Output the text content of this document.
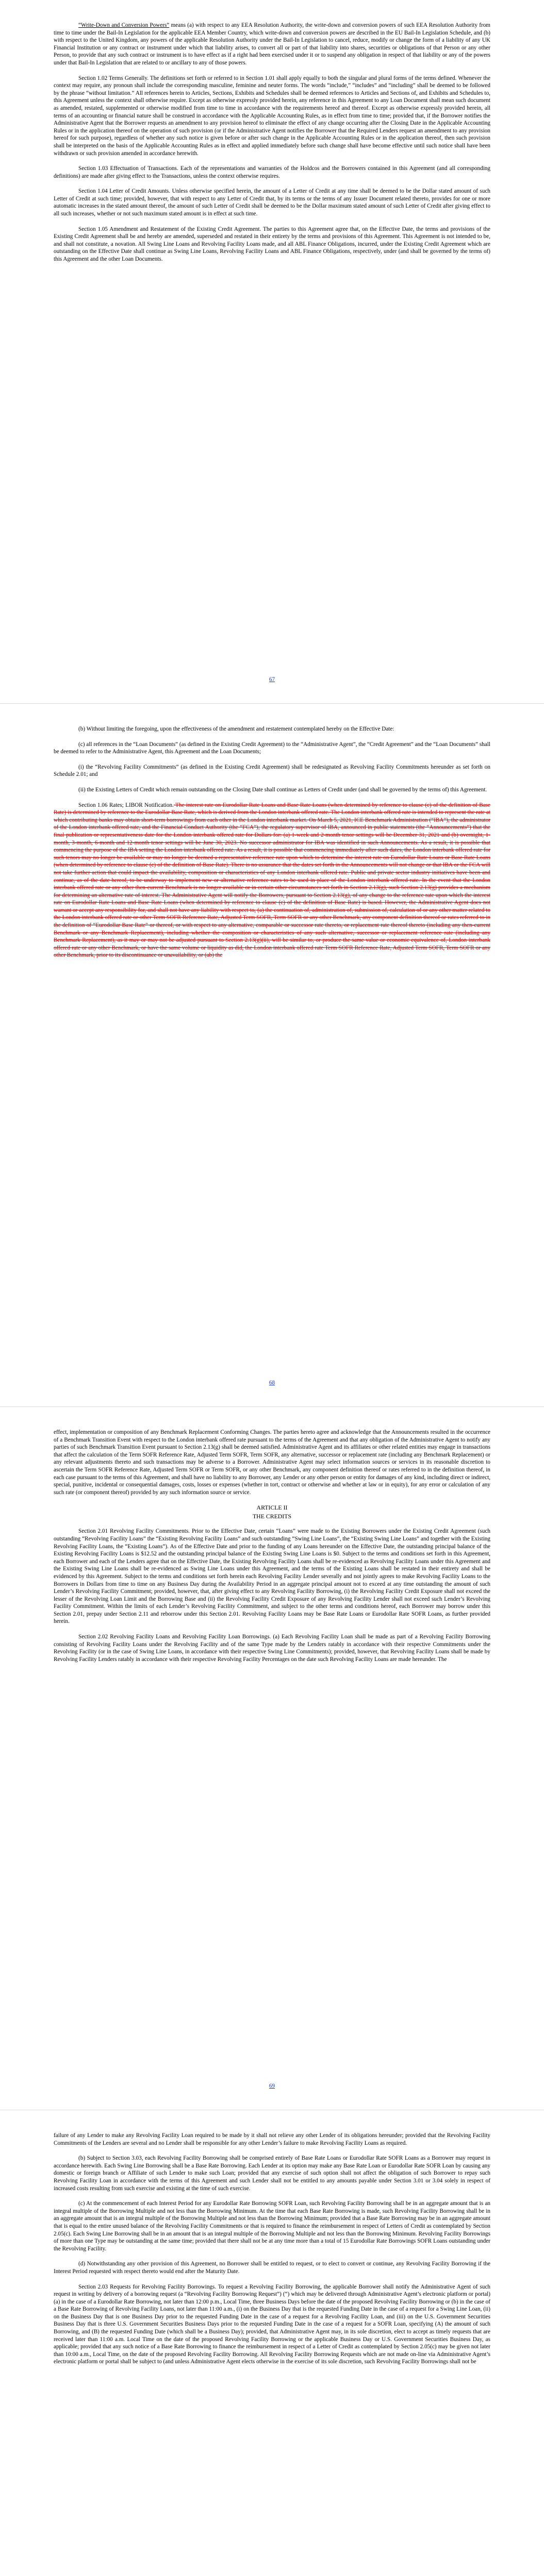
“Write-Down and Conversion Powers” means (a) with respect to any EEA Resolution Authority, the write-down and conversion powers of such EEA Resolution Authority from time to time under the Bail-In Legislation for the applicable EEA Member Country, which write-down and conversion powers are described in the EU Bail-In Legislation Schedule, and (b) with respect to the United Kingdom, any powers of the applicable Resolution Authority under the Bail-In Legislation to cancel, reduce, modify or change the form of a liability of any UK Financial Institution or any contract or instrument under which that liability arises, to convert all or part of that liability into shares, securities or obligations of that Person or any other Person, to provide that any such contract or instrument is to have effect as if a right had been exercised under it or to suspend any obligation in respect of that liability or any of the powers under that Bail-In Legislation that are related to or ancillary to any of those powers.

Section 1.02 Terms Generally. The definitions set forth or referred to in Section 1.01 shall apply equally to both the singular and plural forms of the terms defined. Whenever the context may require, any pronoun shall include the corresponding masculine, feminine and neuter forms. The words “include,” “includes” and “including” shall be deemed to be followed by the phrase “without limitation.” All references herein to Articles, Sections, Exhibits and Schedules shall be deemed references to Articles and Sections of, and Exhibits and Schedules to, this Agreement unless the context shall otherwise require. Except as otherwise expressly provided herein, any reference in this Agreement to any Loan Document shall mean such document as amended, restated, supplemented or otherwise modified from time to time in accordance with the requirements hereof and thereof. Except as otherwise expressly provided herein, all terms of an accounting or financial nature shall be construed in accordance with the Applicable Accounting Rules, as in effect from time to time; provided that, if the Borrower notifies the Administrative Agent that the Borrower requests an amendment to any provision hereof to eliminate the effect of any change occurring after the Closing Date in the Applicable Accounting Rules or in the application thereof on the operation of such provision (or if the Administrative Agent notifies the Borrower that the Required Lenders request an amendment to any provision hereof for such purpose), regardless of whether any such notice is given before or after such change in the Applicable Accounting Rules or in the application thereof, then such provision shall be interpreted on the basis of the Applicable Accounting Rules as in effect and applied immediately before such change shall have become effective until such notice shall have been withdrawn or such provision amended in accordance herewith.

Section 1.03 Effectuation of Transactions. Each of the representations and warranties of the Holdcos and the Borrowers contained in this Agreement (and all corresponding definitions) are made after giving effect to the Transactions, unless the context otherwise requires.

Section 1.04 Letter of Credit Amounts. Unless otherwise specified herein, the amount of a Letter of Credit at any time shall be deemed to be the Dollar stated amount of such Letter of Credit at such time; provided, however, that with respect to any Letter of Credit that, by its terms or the terms of any Issuer Document related thereto, provides for one or more automatic increases in the stated amount thereof, the amount of such Letter of Credit shall be deemed to be the Dollar maximum stated amount of such Letter of Credit after giving effect to all such increases, whether or not such maximum stated amount is in effect at such time.

Section 1.05 Amendment and Restatement of the Existing Credit Agreement. The parties to this Agreement agree that, on the Effective Date, the terms and provisions of the Existing Credit Agreement shall be and hereby are amended, superseded and restated in their entirety by the terms and provisions of this Agreement. This Agreement is not intended to be, and shall not constitute, a novation. All Swing Line Loans and Revolving Facility Loans made, and all ABL Finance Obligations, incurred, under the Existing Credit Agreement which are outstanding on the Effective Date shall continue as Swing Line Loans, Revolving Facility Loans and ABL Finance Obligations, respectively, under (and shall be governed by the terms of) this Agreement and the other Loan Documents.

67

(b) Without limiting the foregoing, upon the effectiveness of the amendment and restatement contemplated hereby on the Effective Date:

(c) all references in the “Loan Documents” (as defined in the Existing Credit Agreement) to the “Administrative Agent”, the “Credit Agreement” and the “Loan Documents” shall be deemed to refer to the Administrative Agent, this Agreement and the Loan Documents;

(i) the “Revolving Facility Commitments” (as defined in the Existing Credit Agreement) shall be redesignated as Revolving Facility Commitments hereunder as set forth on Schedule 2.01; and

(ii) the Existing Letters of Credit which remain outstanding on the Closing Date shall continue as Letters of Credit under (and shall be governed by the terms of) this Agreement.

Section 1.06 Rates; LIBOR Notification. The interest rate on Eurodollar Rate Loans and Base Rate Loans (when determined by reference to clause (c) of the definition of Base Rate) is determined by reference to the Eurodollar Base Rate, which is derived from the London interbank offered rate. The London interbank offered rate is intended to represent the rate at which contributing banks may obtain short-term borrowings from each other in the London interbank market. On March 5, 2021, ICE Benchmark Administration (“IBA”), the administrator of the London interbank offered rate, and the Financial Conduct Authority (the “FCA”), the regulatory supervisor of IBA, announced in public statements (the “Announcements”) that the final publication or representativeness date for the London interbank offered rate for Dollars for: (a) 1-week and 2-month tenor settings will be December 31, 2021 and (b) overnight, 1-month, 3-month, 6-month and 12-month tenor settings will be June 30, 2023. No successor administrator for IBA was identified in such Announcements. As a result, it is possible that commencing the purpose of the IBA setting the London interbank offered rate. As a result, it is possible that commencing immediately after such dates, the London interbank offered rate for such tenors may no longer be available or may no longer be deemed a representative reference rate upon which to determine the interest rate on Eurodollar Rate Loans or Base Rate Loans (when determined by reference to clause (c) of the definition of Base Rate). There is no assurance that the dates set forth in the Announcements will not change or that IBA or the FCA will not take further action that could impact the availability, composition or characteristics of any London interbank offered rate. Public and private sector industry initiatives have been and continue, as of the date hereof, to be underway to implement new or alternative reference rates to be used in place of the London interbank offered rate. In the event that the London interbank offered rate or any other then-current Benchmark is no longer available or in certain other circumstances set forth in Section 2.13(g), such Section 2.13(g) provides a mechanism for determining an alternative rate of interest. The Administrative Agent will notify the Borrowers, pursuant to Section 2.13(g), of any change to the reference rate upon which the interest rate on Eurodollar Rate Loans and Base Rate Loans (when determined by reference to clause (c) of the definition of Base Rate) is based. However, the Administrative Agent does not warrant or accept any responsibility for, and shall not have any liability with respect to, (a) the continuation of, administration of, submission of, calculation of or any other matter related to the London interbank offered rate or other Term SOFR Reference Rate, Adjusted Term SOFR, Term SOFR or any other Benchmark, any component definition thereof or rates referred to in the definition of “Eurodollar Base Rate” or thereof, or with respect to any alternative, comparable or successor rate thereto, or replacement rate thereof thereto (including any then-current Benchmark or any Benchmark Replacement), including whether the composition or characteristics of any such alternative, successor or replacement reference rate (including any Benchmark Replacement), as it may or may not be adjusted pursuant to Section 2.13(g)(ii), will be similar to, or produce the same value or economic equivalence of, London interbank offered rate or any other Benchmark, or have the same volume or liquidity as did, the London interbank offered rate Term SOFR Reference Rate, Adjusted Term SOFR, Term SOFR or any other Benchmark, prior to its discontinuance or unavailability, or (ab) the

68

effect, implementation or composition of any Benchmark Replacement Conforming Changes. The parties hereto agree and acknowledge that the Announcements resulted in the occurrence of a Benchmark Transition Event with respect to the London interbank offered rate pursuant to the terms of the Agreement and that any obligation of the Administrative Agent to notify any parties of such Benchmark Transition Event pursuant to Section 2.13(g) shall be deemed satisfied. Administrative Agent and its affiliates or other related entities may engage in transactions that affect the calculation of the Term SOFR Reference Rate, Adjusted Term SOFR, Term SOFR, any alternative, successor or replacement rate (including any Benchmark Replacement) or any relevant adjustments thereto and such transactions may be adverse to a Borrower. Administrative Agent may select information sources or services in its reasonable discretion to ascertain the Term SOFR Reference Rate, Adjusted Term SOFR or Term SOFR, or any other Benchmark, any component definition thereof or rates referred to in the definition thereof, in each case pursuant to the terms of this Agreement, and shall have no liability to any Borrower, any Lender or any other person or entity for damages of any kind, including direct or indirect, special, punitive, incidental or consequential damages, costs, losses or expenses (whether in tort, contract or otherwise and whether at law or in equity), for any error or calculation of any such rate (or component thereof) provided by any such information source or service.

ARTICLE II
THE CREDITS

Section 2.01 Revolving Facility Commitments. Prior to the Effective Date, certain “Loans” were made to the Existing Borrowers under the Existing Credit Agreement (such outstanding “Revolving Facility Loans” the “Existing Revolving Facility Loans” and such outstanding “Swing Line Loans”, the “Existing Swing Line Loans” and together with the Existing Revolving Facility Loans, the “Existing Loans”). As of the Effective Date and prior to the funding of any Loans hereunder on the Effective Date, the outstanding principal balance of the Existing Revolving Facility Loans is $12.52 and the outstanding principal balance of the Existing Swing Line Loans is $0. Subject to the terms and conditions set forth in this Agreement, each Borrower and each of the Lenders agree that on the Effective Date, the Existing Revolving Facility Loans shall be re-evidenced as Revolving Facility Loans under this Agreement and the Existing Swing Line Loans shall be re-evidenced as Swing Line Loans under this Agreement, and the terms of the Existing Loans shall be restated in their entirety and shall be evidenced by this Agreement. Subject to the terms and conditions set forth herein each Revolving Facility Lender severally and not jointly agrees to make Revolving Facility Loans to the Borrowers in Dollars from time to time on any Business Day during the Availability Period in an aggregate principal amount not to exceed at any time outstanding the amount of such Lender’s Revolving Facility Commitment; provided, however, that, after giving effect to any Revolving Facility Borrowing, (i) the Revolving Facility Credit Exposure shall not exceed the lesser of the Revolving Loan Limit and the Borrowing Base and (ii) the Revolving Facility Credit Exposure of any Revolving Facility Lender shall not exceed such Lender’s Revolving Facility Commitment. Within the limits of each Lender’s Revolving Facility Commitment, and subject to the other terms and conditions hereof, each Borrower may borrow under this Section 2.01, prepay under Section 2.11 and reborrow under this Section 2.01. Revolving Facility Loans may be Base Rate Loans or Eurodollar Rate SOFR Loans, as further provided herein.

Section 2.02 Revolving Facility Loans and Revolving Facility Loan Borrowings. (a) Each Revolving Facility Loan shall be made as part of a Revolving Facility Borrowing consisting of Revolving Facility Loans under the Revolving Facility and of the same Type made by the Lenders ratably in accordance with their respective Commitments under the Revolving Facility (or in the case of Swing Line Loans, in accordance with their respective Swing Line Commitments); provided, however, that Revolving Facility Loans shall be made by Revolving Facility Lenders ratably in accordance with their respective Revolving Facility Percentages on the date such Revolving Facility Loans are made hereunder. The

69

failure of any Lender to make any Revolving Facility Loan required to be made by it shall not relieve any other Lender of its obligations hereunder; provided that the Revolving Facility Commitments of the Lenders are several and no Lender shall be responsible for any other Lender’s failure to make Revolving Facility Loans as required.

(b) Subject to Section 3.03, each Revolving Facility Borrowing shall be comprised entirely of Base Rate Loans or Eurodollar Rate SOFR Loans as a Borrower may request in accordance herewith. Each Swing Line Borrowing shall be a Base Rate Borrowing. Each Lender at its option may make any Base Rate Loan or Eurodollar Rate SOFR Loan by causing any domestic or foreign branch or Affiliate of such Lender to make such Loan; provided that any exercise of such option shall not affect the obligation of such Borrower to repay such Revolving Facility Loan in accordance with the terms of this Agreement and such Lender shall not be entitled to any amounts payable under Section 3.01 or 3.04 solely in respect of increased costs resulting from such exercise and existing at the time of such exercise.

(c) At the commencement of each Interest Period for any Eurodollar Rate Borrowing SOFR Loan, such Revolving Facility Borrowing shall be in an aggregate amount that is an integral multiple of the Borrowing Multiple and not less than the Borrowing Minimum. At the time that each Base Rate Borrowing is made, such Revolving Facility Borrowing shall be in an aggregate amount that is an integral multiple of the Borrowing Multiple and not less than the Borrowing Minimum; provided that a Base Rate Borrowing may be in an aggregate amount that is equal to the entire unused balance of the Revolving Facility Commitments or that is required to finance the reimbursement in respect of Letters of Credit as contemplated by Section 2.05(c). Each Swing Line Borrowing shall be in an amount that is an integral multiple of the Borrowing Multiple and not less than the Borrowing Minimum. Revolving Facility Borrowings of more than one Type may be outstanding at the same time; provided that there shall not be at any time more than a total of 15 Eurodollar Rate Borrowings SOFR Loans outstanding under the Revolving Facility.

(d) Notwithstanding any other provision of this Agreement, no Borrower shall be entitled to request, or to elect to convert or continue, any Revolving Facility Borrowing if the Interest Period requested with respect thereto would end after the Maturity Date.

Section 2.03 Requests for Revolving Facility Borrowings. To request a Revolving Facility Borrowing, the applicable Borrower shall notify the Administrative Agent of such request in writing by delivery of a borrowing request (a “Revolving Facility Borrowing Request”) (“) which may be delivered through Administrative Agent’s electronic platform or portal) (a) in the case of a Eurodollar Rate Borrowing, not later than 12:00 p.m., Local Time, three Business Days before the date of the proposed Revolving Facility Borrowing or (b) in the case of a Base Rate Borrowing of Revolving Facility Loans, not later than 11:00 a.m., (i) on the Business Day that is the requested Funding Date in the case of a request for a Swing Line Loan, (ii) on the Business Day that is one Business Day prior to the requested Funding Date in the case of a request for a Revolving Facility Loan, and (iii) on the U.S. Government Securities Business Day that is three U.S. Government Securities Business Days prior to the requested Funding Date in the case of a request for a SOFR Loan, specifying (A) the amount of such Borrowing, and (B) the requested Funding Date (which shall be a Business Day); provided, that Administrative Agent may, in its sole discretion, elect to accept as timely requests that are received later than 11:00 a.m. Local Time on the date of the proposed Revolving Facility Borrowing or the applicable Business Day or U.S. Government Securities Business Day, as applicable; provided that any such notice of a Base Rate Borrowing to finance the reimbursement in respect of a Letter of Credit as contemplated by Section 2.05(c) may be given not later than 10:00 a.m., Local Time, on the date of the proposed Revolving Facility Borrowing. All Revolving Facility Borrowing Requests which are not made on-line via Administrative Agent’s electronic platform or portal shall be subject to (and unless Administrative Agent elects otherwise in the exercise of its sole discretion, such Revolving Facility Borrowings shall not be
